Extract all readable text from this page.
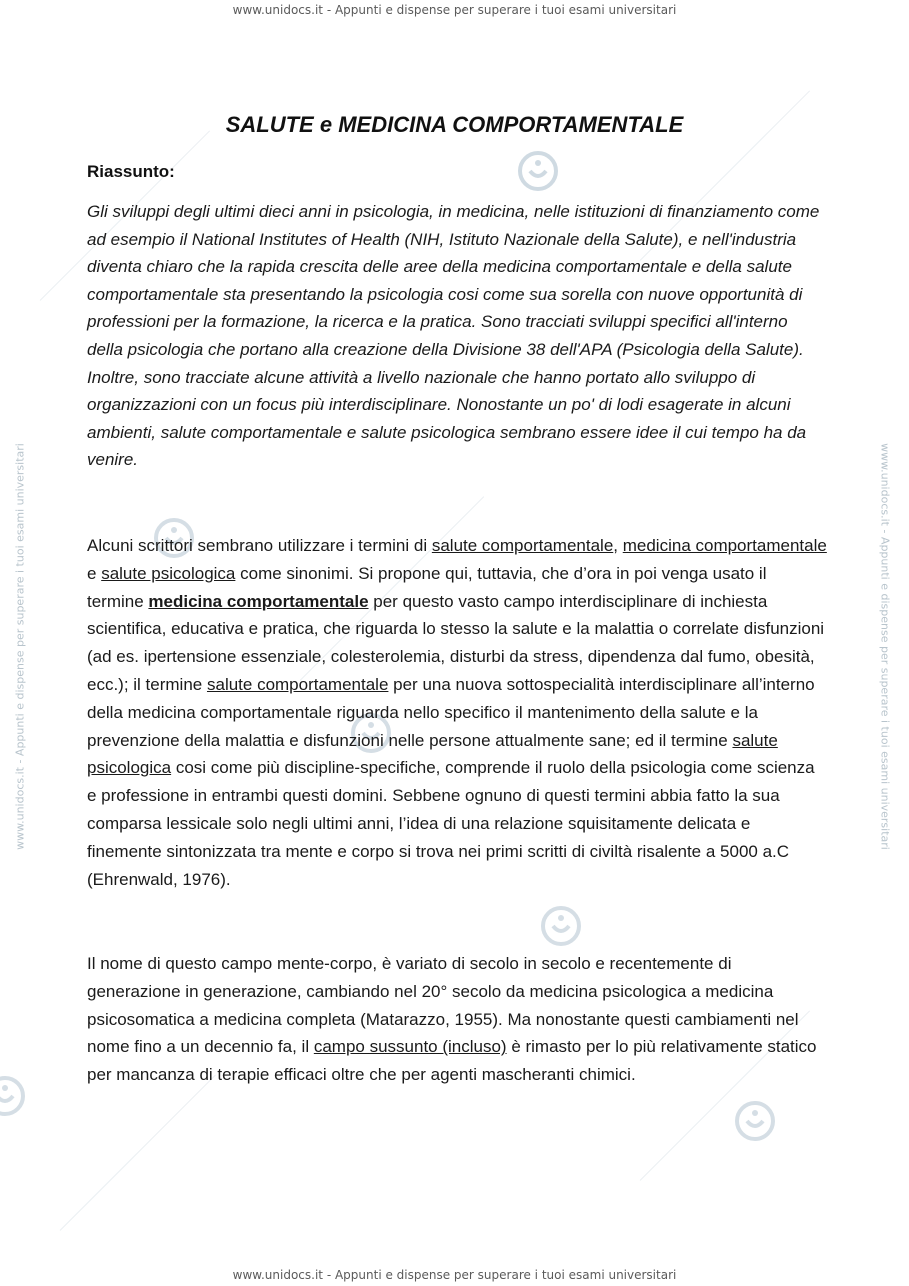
www.unidocs.it - Appunti e dispense per superare i tuoi esami universitari
www.unidocs.it - Appunti e dispense per superare i tuoi esami universitari
www.unidocs.it - Appunti e dispense per superare i tuoi esami universitari	www.unidocs.it - Appunti e dispense per superare i tuoi esami universitari
SALUTE e MEDICINA COMPORTAMENTALE
Riassunto:
Gli sviluppi degli ultimi dieci anni in psicologia, in medicina, nelle istituzioni di finanziamento come ad esempio il National Institutes of Health (NIH, Istituto Nazionale della Salute), e nell'industria diventa chiaro che la rapida crescita delle aree della medicina comportamentale e della salute comportamentale sta presentando la psicologia cosi come sua sorella con nuove opportunità di professioni per la formazione, la ricerca e la pratica. Sono tracciati sviluppi specifici all'interno della psicologia che portano alla creazione della Divisione 38 dell'APA (Psicologia della Salute). Inoltre, sono tracciate alcune attività a livello nazionale che hanno portato allo sviluppo di organizzazioni con un focus più interdisciplinare. Nonostante un po' di lodi esagerate in alcuni ambienti, salute comportamentale e salute psicologica sembrano essere idee il cui tempo ha da venire.
Alcuni scrittori sembrano utilizzare i termini di salute comportamentale, medicina comportamentale e salute psicologica come sinonimi. Si propone qui, tuttavia, che d’ora in poi venga usato il termine medicina comportamentale per questo vasto campo interdisciplinare di inchiesta scientifica, educativa e pratica, che riguarda lo stesso la salute e la malattia o correlate disfunzioni (ad es. ipertensione essenziale, colesterolemia, disturbi da stress, dipendenza dal fumo, obesità, ecc.); il termine salute comportamentale per una nuova sottospecialità interdisciplinare all’interno della medicina comportamentale riguarda nello specifico il mantenimento della salute e la prevenzione della malattia e disfunzioni nelle persone attualmente sane; ed il termine salute psicologica cosi come più discipline-specifiche, comprende il ruolo della psicologia come scienza e professione in entrambi questi domini. Sebbene ognuno di questi termini abbia fatto la sua comparsa lessicale solo negli ultimi anni, l’idea di una relazione squisitamente delicata e finemente sintonizzata tra mente e corpo si trova nei primi scritti di civiltà risalente a 5000 a.C (Ehrenwald, 1976).
Il nome di questo campo mente-corpo, è variato di secolo in secolo e recentemente di generazione in generazione, cambiando nel 20° secolo da medicina psicologica a medicina psicosomatica a medicina completa (Matarazzo, 1955). Ma nonostante questi cambiamenti nel nome fino a un decennio fa, il campo sussunto (incluso) è rimasto per lo più relativamente statico per mancanza di terapie efficaci oltre che per agenti mascheranti chimici.
